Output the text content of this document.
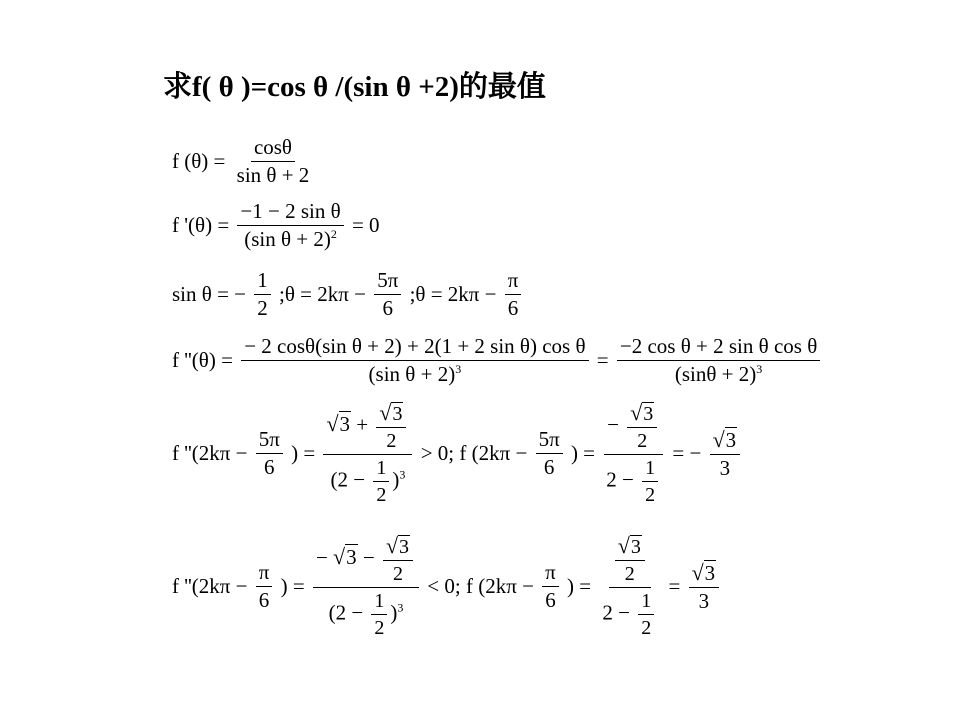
求f( θ )=cos θ /(sin θ +2)的最值
f $(\theta) = \frac{\cos\theta}{\text{sin θ + 2}}$
f '$(\theta) = \frac{\text{−1 − 2 sin θ}}{(\sin \theta + 2)^2} = 0$
sin θ = − $\frac{1}{2}$ ;θ = $2k\pi - \frac{5\pi}{6}$ ;θ = $2k\pi - \frac{\pi}{6}$
f ''$(\theta) = \frac{\text{− 2 cosθ(sin θ + 2) + 2(1 + 2 sin θ) cos θ}}{(\sin \theta + 2)^3} = \frac{\text{−2 cos θ + 2 sin θ cos θ}}{(\sin\theta + 2)^3}$
f ''($2k\pi - \frac{5\pi}{6}$ ) = $\frac{√3 + \frac{√3}{2}}{(2 - \frac{1}{2} )^3} > 0$; f ($2k\pi - \frac{5\pi}{6}$ ) = $\frac{- \frac{√3}{2}}{2 - \frac{1}{2}}$ = − $\frac{√3}{3}$
f ''($2k\pi - \frac{\pi}{6}$ ) = $\frac{- √3 - \frac{√3}{2}}{(2 - \frac{1}{2} )^3} < 0$; f ($2k\pi - \frac{\pi}{6}$ ) = $\frac{\frac{√3}{2}}{2 - \frac{1}{2}} = \frac{√3}{3}$
